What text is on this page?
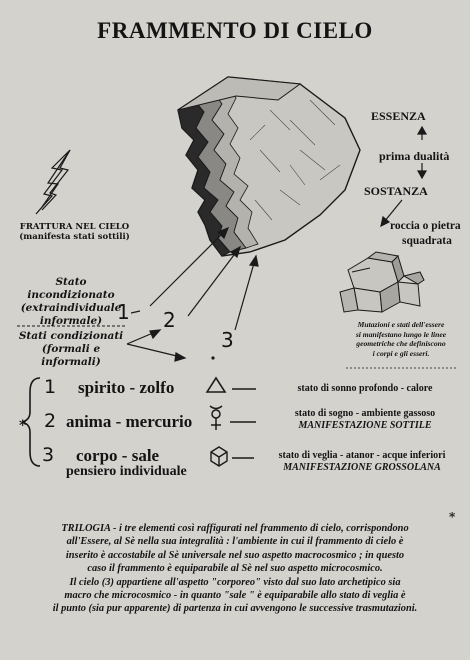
FRAMMENTO DI CIELO
ESSENZA
prima dualità
SOSTANZA
roccia o pietra
squadrata
FRATTURA NEL CIELO
(manifesta stati sottili)
Mutazioni e stati dell'essere
si manifestano lungo le linee
geometriche che definiscono
i corpi e gli esseri.
Stato incondizionato
(extraindividuale
informale)
Stati condizionati
(formali e informali)
1 2
3
1 spirito - zolfo	stato di sonno profondo - calore
2 anima - mercurio	stato di sogno - ambiente gassoso
MANIFESTAZIONE SOTTILE
3 corpo - sale
pensiero individuale
stato di veglia - atanor - acque inferiori
MANIFESTAZIONE GROSSOLANA
*
*
TRILOGIA - i tre elementi così raffigurati nel frammento di cielo, corrispondono
all'Essere, al Sè nella sua integralità : l'ambiente in cui il frammento di cielo è
inserito è accostabile al Sè universale nel suo aspetto macrocosmico ; in questo
caso il frammento è equiparabile al Sè nel suo aspetto microcosmico.
Il cielo (3) appartiene all'aspetto "corporeo" visto dal suo lato archetipico sia
macro che microcosmico - in quanto "sale " è equiparabile allo stato di veglia è
il punto (sia pur apparente) di partenza in cui avvengono le successive trasmutazioni.
